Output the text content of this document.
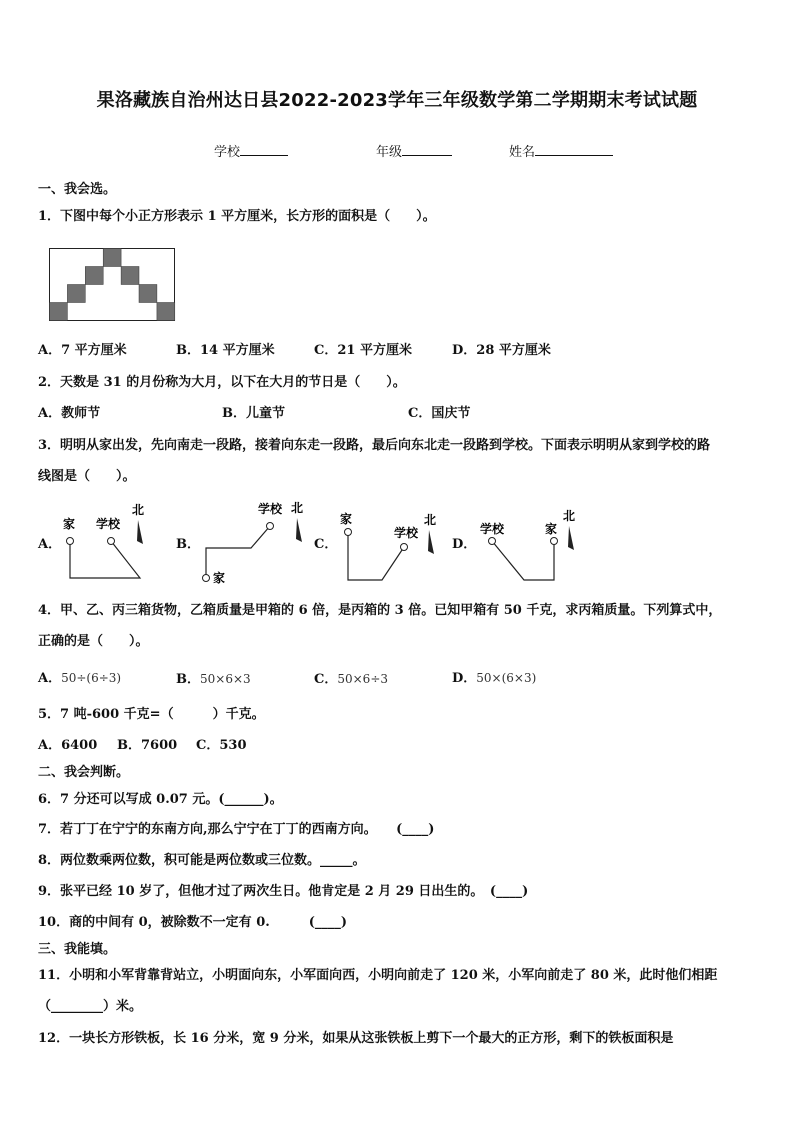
果洛藏族自治州达日县2022-2023学年三年级数学第二学期期末考试试题
学校	年级	姓名
一、我会选。
1．下图中每个小正方形表示 1 平方厘米，长方形的面积是（　　）。
A．7 平方厘米	B．14 平方厘米	C．21 平方厘米	D．28 平方厘米
2．天数是 31 的月份称为大月，以下在大月的节日是（　　）。
A．教师节	B．儿童节	C．国庆节
3．明明从家出发，先向南走一段路，接着向东走一段路，最后向东北走一段路到学校。下面表示明明从家到学校的路
线图是（　　）。
A．	B．	C．	D．
家 学校
北
家
学校 北
家
学校
北
学校	家
北
4．甲、乙、丙三箱货物，乙箱质量是甲箱的 6 倍，是丙箱的 3 倍。已知甲箱有 50 千克，求丙箱质量。下列算式中，
正确的是（　　）。
A．50÷(6÷3)	B．50×6×3	C．50×6÷3	D．50×(6×3)
5．7 吨-600 千克=（　　　）千克。
A．6400 B．7600 C．530
二、我会判断。
6．7 分还可以写成 0.07 元。(______)。
7．若丁丁在宁宁的东南方向,那么宁宁在丁丁的西南方向。　　(____)
8．两位数乘两位数，积可能是两位数或三位数。_____。
9．张平已经 10 岁了，但他才过了两次生日。他肯定是 2 月 29 日出生的。　(____)
10．商的中间有 0，被除数不一定有 0.　　　(____)
三、我能填。
11．小明和小军背靠背站立，小明面向东，小军面向西，小明向前走了 120 米，小军向前走了 80 米，此时他们相距
（________）米。
12．一块长方形铁板，长 16 分米，宽 9 分米，如果从这张铁板上剪下一个最大的正方形，剩下的铁板面积是
